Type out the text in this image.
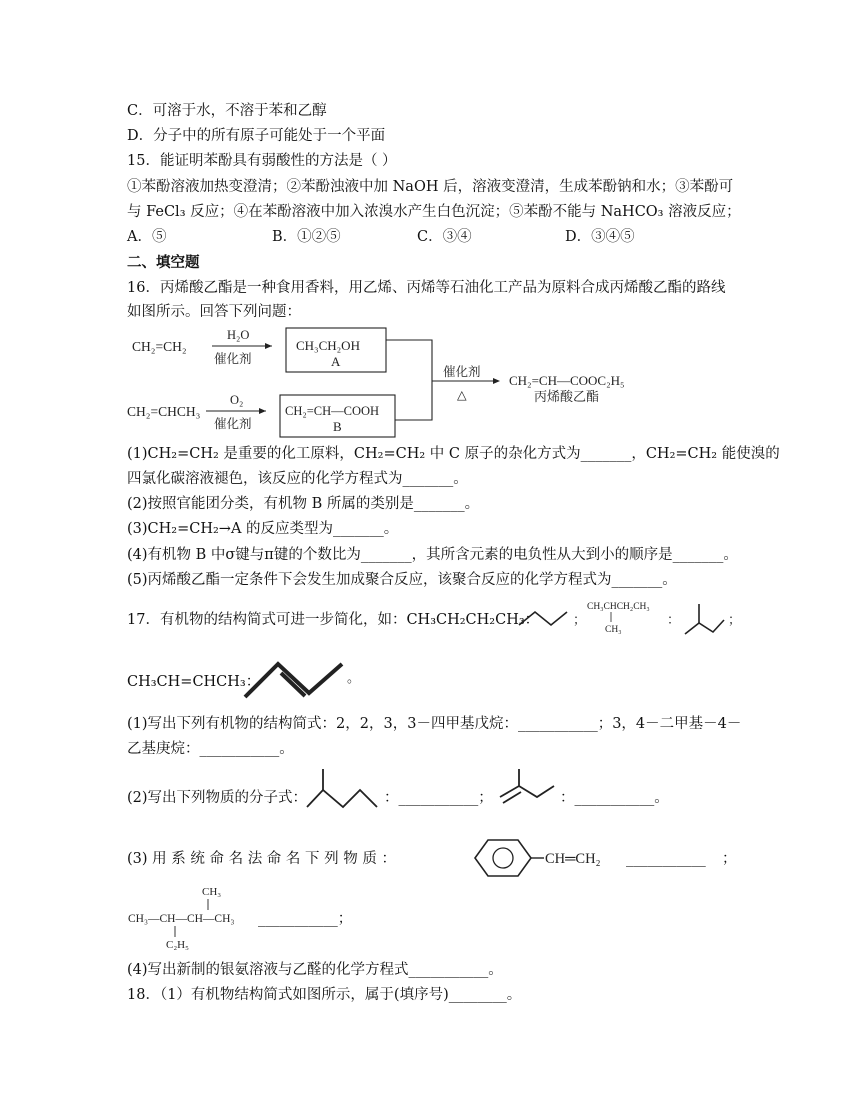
C．可溶于水，不溶于苯和乙醇
D．分子中的所有原子可能处于一个平面
15．能证明苯酚具有弱酸性的方法是（ ）
①苯酚溶液加热变澄清；②苯酚浊液中加 NaOH 后，溶液变澄清，生成苯酚钠和水；③苯酚可
与 FeCl₃ 反应；④在苯酚溶液中加入浓溴水产生白色沉淀；⑤苯酚不能与 NaHCO₃ 溶液反应；
A．⑤	B．①②⑤	C．③④	D．③④⑤
二、填空题
16．丙烯酸乙酯是一种食用香料，用乙烯、丙烯等石油化工产品为原料合成丙烯酸乙酯的路线
如图所示。回答下列问题：
CH₂=CH₂
H₂O
催化剂
CH₃CH₂OH
A
CH₂=CHCH₃
O₂
催化剂
CH₂=CH—COOH
B
催化剂
△
CH₂=CH—COOC₂H₅
丙烯酸乙酯
(1)CH₂=CH₂ 是重要的化工原料，CH₂=CH₂ 中 C 原子的杂化方式为_______，CH₂=CH₂ 能使溴的
四氯化碳溶液褪色，该反应的化学方程式为_______。
(2)按照官能团分类，有机物 B 所属的类别是_______。
(3)CH₂=CH₂→A 的反应类型为_______。
(4)有机物 B 中σ键与π键的个数比为_______，其所含元素的电负性从大到小的顺序是_______。
(5)丙烯酸乙酯一定条件下会发生加成聚合反应，该聚合反应的化学方程式为_______。
17．有机物的结构简式可进一步简化，如：CH₃CH₂CH₂CH₃：	；
CH₃CHCH₂CH₃
CH₃
：	；
。
CH═CH₂
CH₃
CH₃—CH—CH—CH₃
C₂H₅
CH₃CH=CHCH₃：
(1)写出下列有机物的结构简式：2，2，3，3－四甲基戊烷：___________；3，4－二甲基－4－
乙基庚烷：___________。
(2)写出下列物质的分子式：	：___________；	：___________。
(3) 用 系 统 命 名 法 命 名 下 列 物 质 ：	___________ ；
___________；
(4)写出新制的银氨溶液与乙醛的化学方程式___________。
18．（1）有机物结构简式如图所示，属于(填序号)________。
